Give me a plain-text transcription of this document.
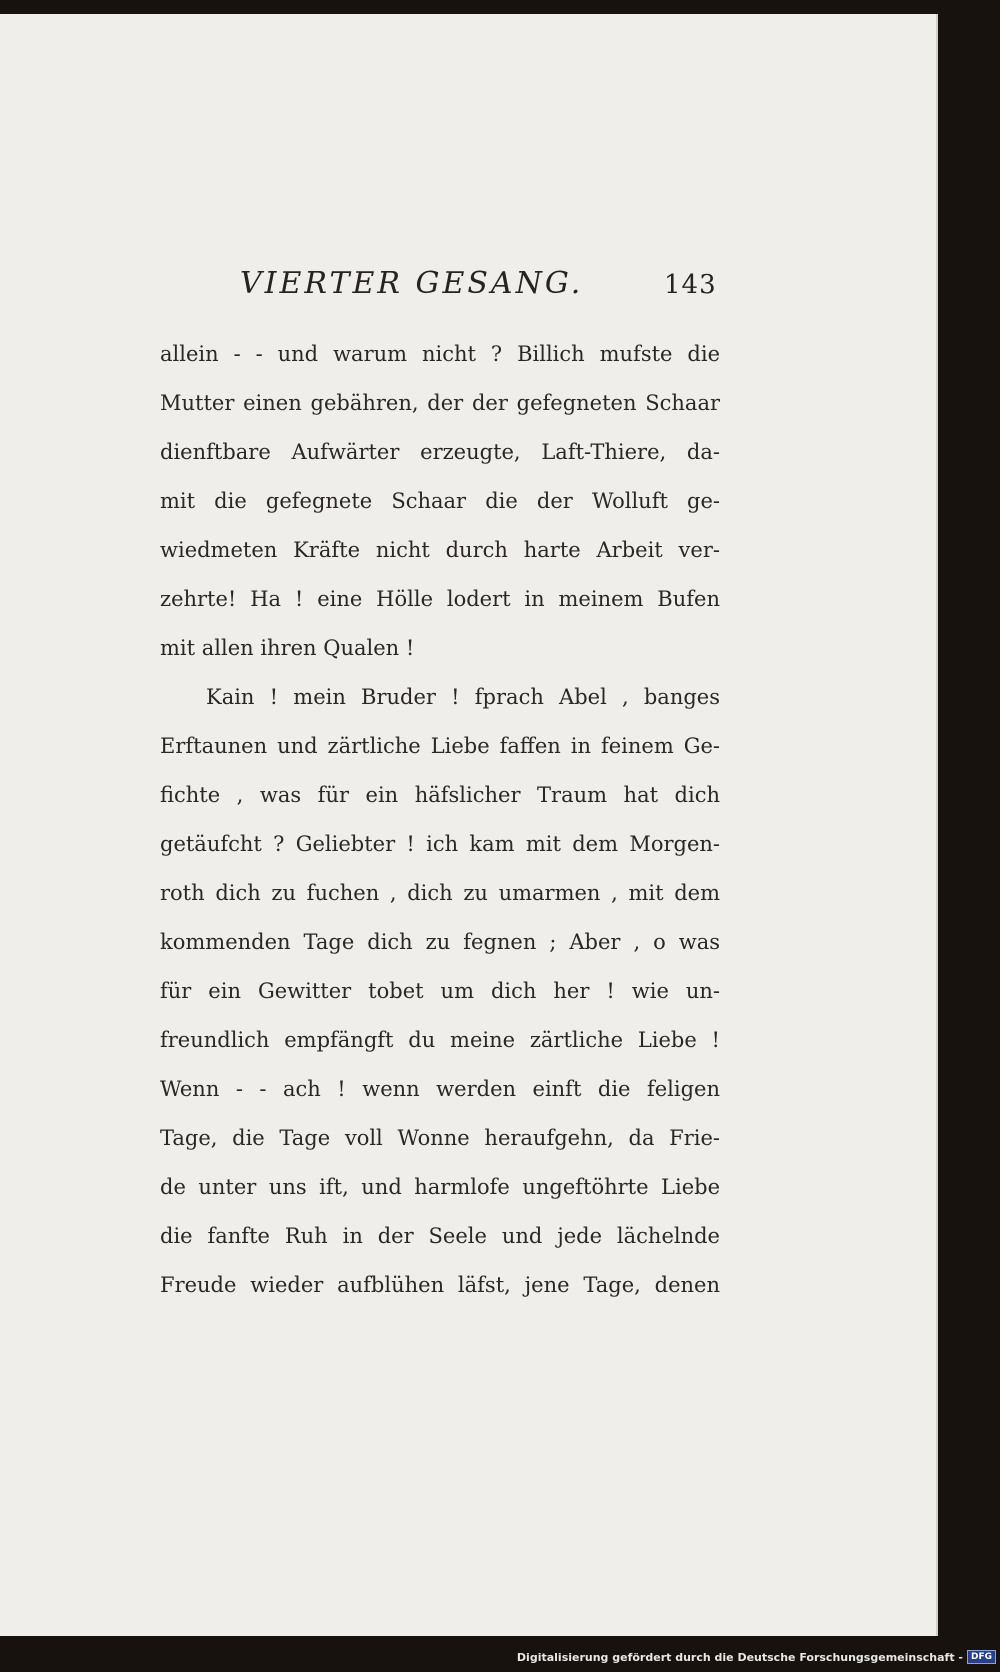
VIERTER GESANG.	143
allein - - und warum nicht ? Billich mufste die
Mutter einen gebähren, der der gefegneten Schaar
dienftbare Aufwärter erzeugte, Laft-Thiere, da-
mit die gefegnete Schaar die der Wolluft ge-
wiedmeten Kräfte nicht durch harte Arbeit ver-
zehrte! Ha ! eine Hölle lodert in meinem Bufen
mit allen ihren Qualen !
Kain ! mein Bruder ! fprach Abel , banges
Erftaunen und zärtliche Liebe faffen in feinem Ge-
fichte , was für ein häfslicher Traum hat dich
getäufcht ? Geliebter ! ich kam mit dem Morgen-
roth dich zu fuchen , dich zu umarmen , mit dem
kommenden Tage dich zu fegnen ; Aber , o was
für ein Gewitter tobet um dich her ! wie un-
freundlich empfängft du meine zärtliche Liebe !
Wenn - - ach ! wenn werden einft die feligen
Tage, die Tage voll Wonne heraufgehn, da Frie-
de unter uns ift, und harmlofe ungeftöhrte Liebe
die fanfte Ruh in der Seele und jede lächelnde
Freude wieder aufblühen läfst, jene Tage, denen
Digitalisierung gefördert durch die Deutsche Forschungsgemeinschaft - DFG
